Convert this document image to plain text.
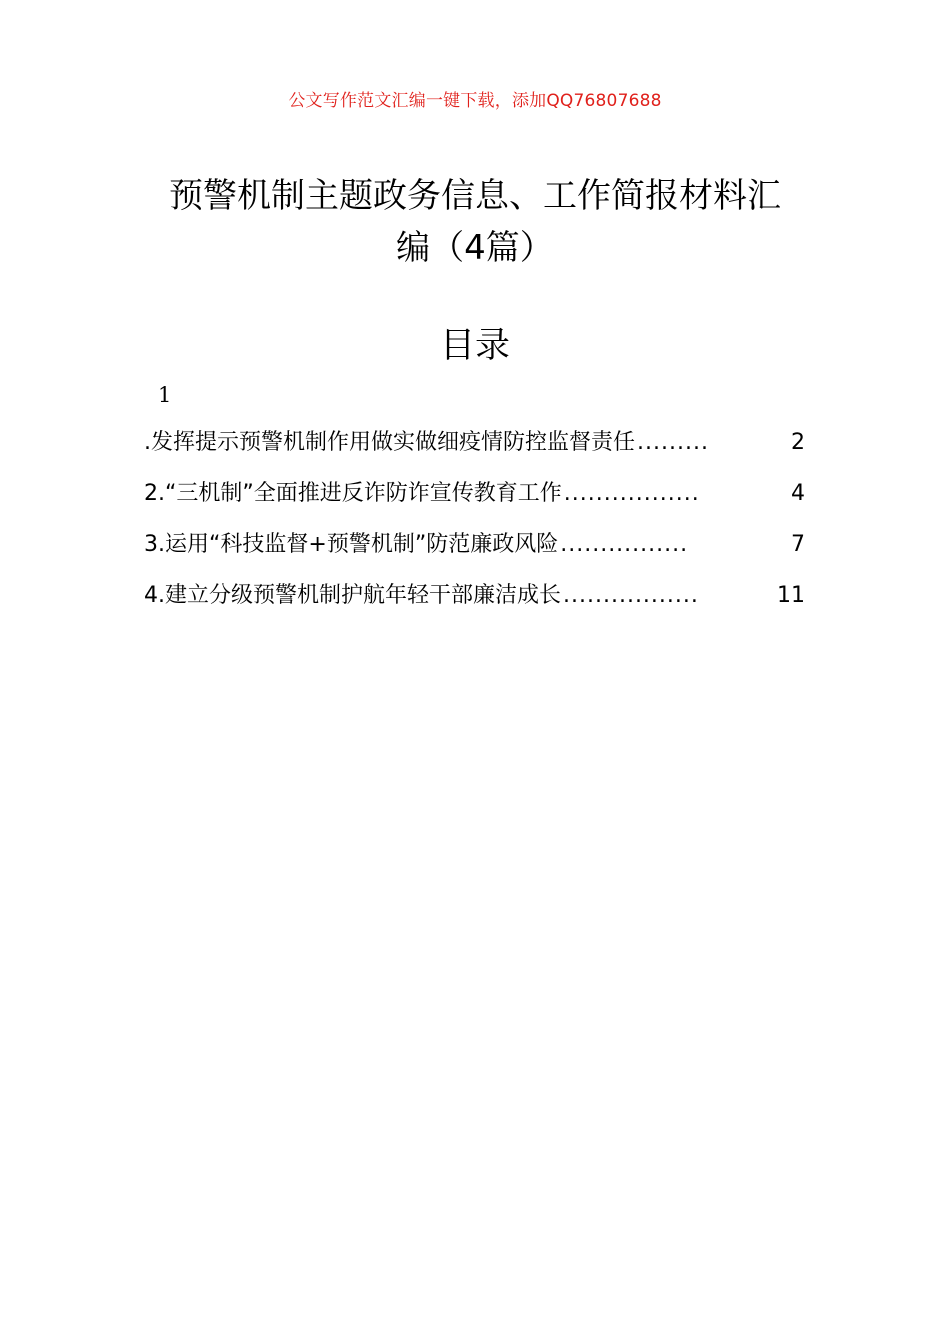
公文写作范文汇编一键下载，添加QQ76807688
预警机制主题政务信息、工作简报材料汇
编（4篇）
目录
1
.发挥提示预警机制作用做实做细疫情防控监督责任 .........	2
2.“三机制”全面推进反诈防诈宣传教育工作 .................	4
3.运用“科技监督+预警机制”防范廉政风险 ................	7
4.建立分级预警机制护航年轻干部廉洁成长 .................	11
